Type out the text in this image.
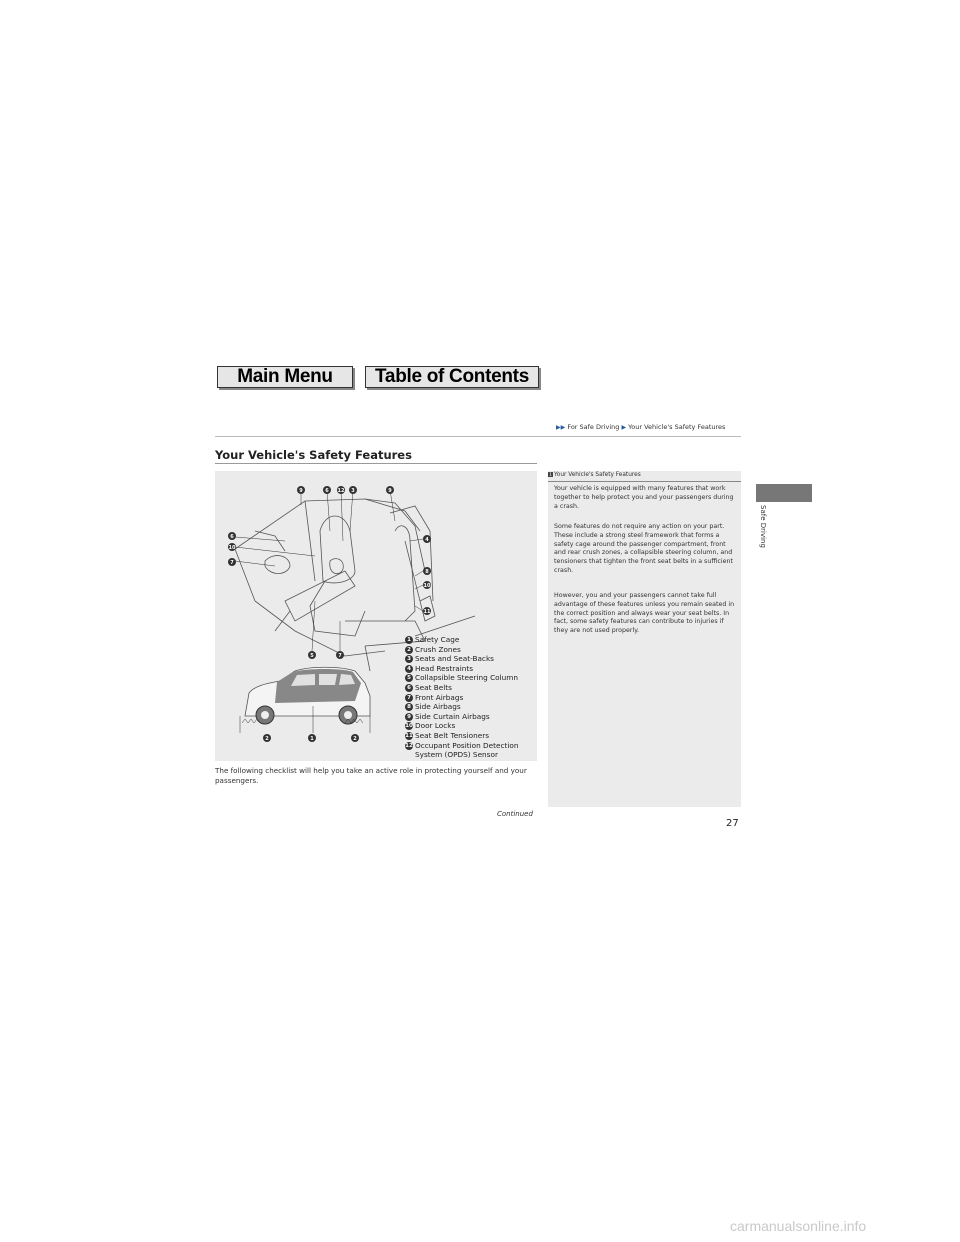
Main Menu	Table of Contents
▶▶ For Safe Driving ▶ Your Vehicle's Safety Features
Your Vehicle's Safety Features
9	6 12 3	9
6
10
7
4
8
10
11
5	7
2	1	2
1 Safety Cage
2 Crush Zones
3 Seats and Seat-Backs
4 Head Restraints
5 Collapsible Steering Column
6 Seat Belts
7 Front Airbags
8 Side Airbags
9 Side Curtain Airbags
10 Door Locks
11 Seat Belt Tensioners
12 Occupant Position Detection System (OPDS) Sensor
The following checklist will help you take an active role in protecting yourself and your passengers.
1 Your Vehicle's Safety Features

Your vehicle is equipped with many features that work together to help protect you and your passengers during a crash.

Some features do not require any action on your part. These include a strong steel framework that forms a safety cage around the passenger compartment, front and rear crush zones, a collapsible steering column, and tensioners that tighten the front seat belts in a sufficient crash.

However, you and your passengers cannot take full advantage of these features unless you remain seated in the correct position and always wear your seat belts. In fact, some safety features can contribute to injuries if they are not used properly.

Safe Driving
Continued
27
carmanualsonline.info
